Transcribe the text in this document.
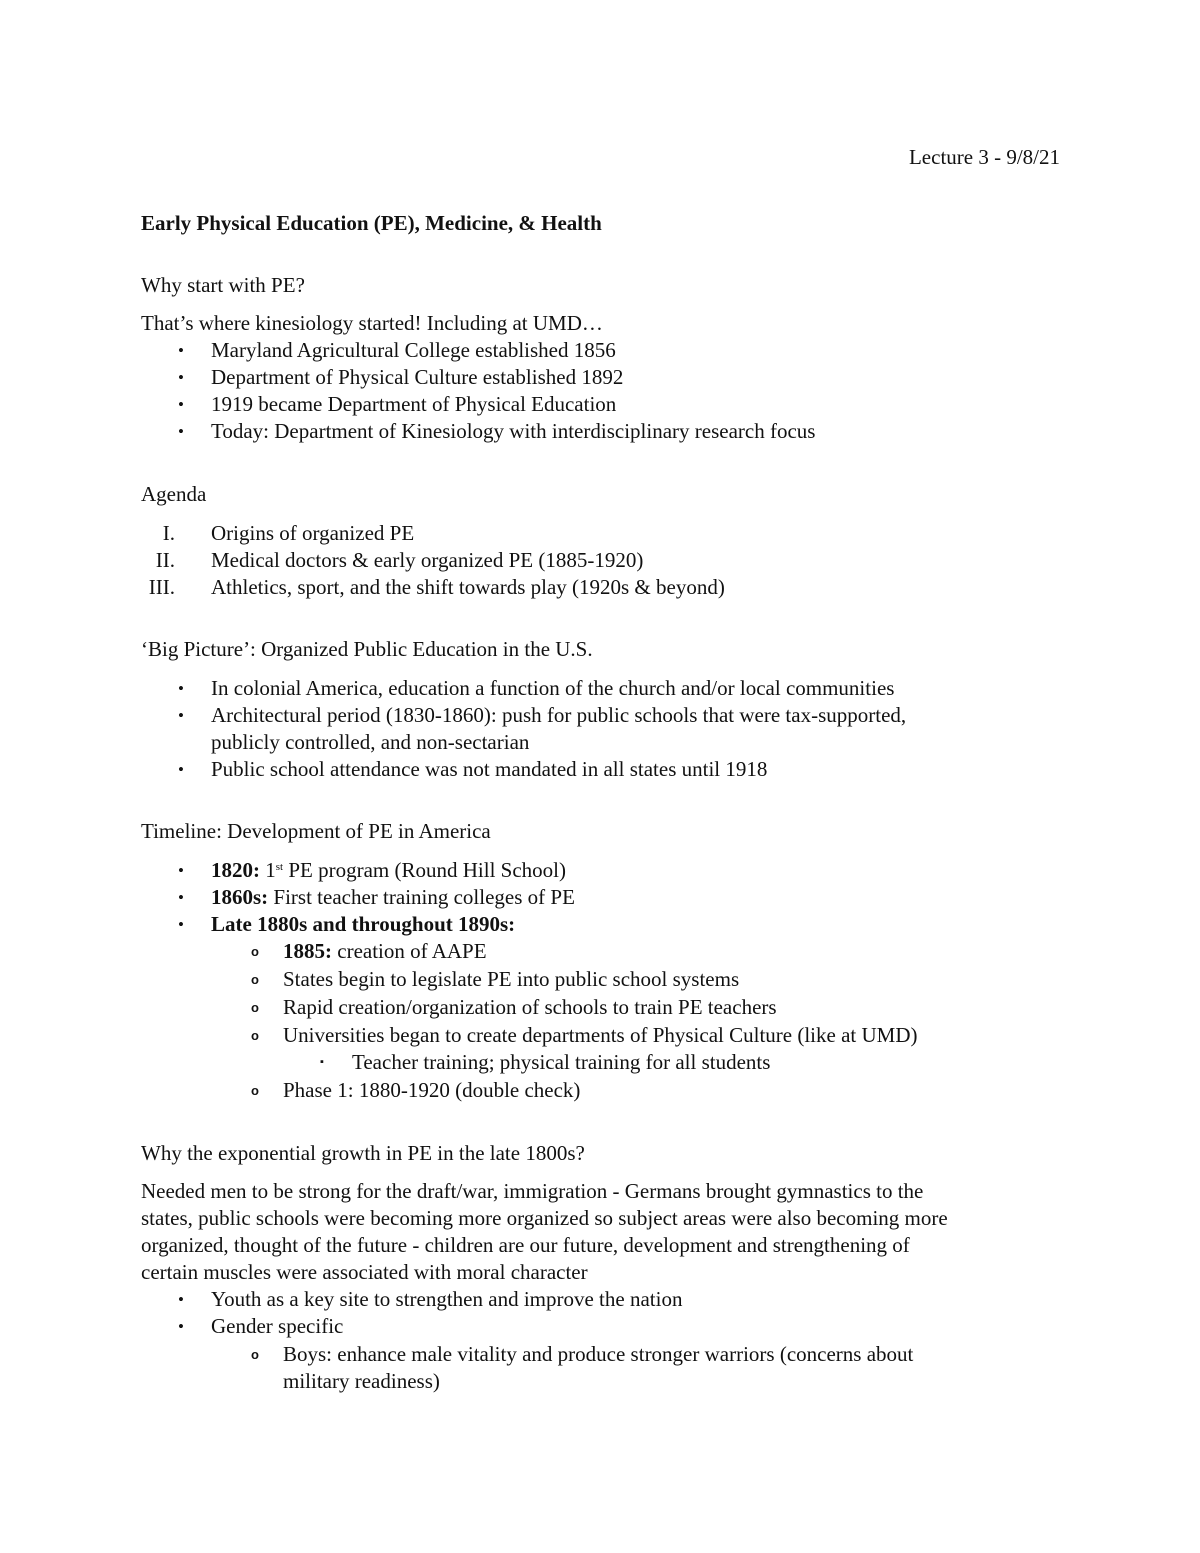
Lecture 3 - 9/8/21
Early Physical Education (PE), Medicine, & Health
Why start with PE?
That’s where kinesiology started! Including at UMD…
•	Maryland Agricultural College established 1856
•	Department of Physical Culture established 1892
•	1919 became Department of Physical Education
•	Today: Department of Kinesiology with interdisciplinary research focus
Agenda
I. Origins of organized PE
II. Medical doctors & early organized PE (1885-1920)
III. Athletics, sport, and the shift towards play (1920s & beyond)
‘Big Picture’: Organized Public Education in the U.S.
•	In colonial America, education a function of the church and/or local communities
•	Architectural period (1830-1860): push for public schools that were tax-supported,
publicly controlled, and non-sectarian
•	Public school attendance was not mandated in all states until 1918
Timeline: Development of PE in America
•	1820: 1st PE program (Round Hill School)
•	1860s: First teacher training colleges of PE
•	Late 1880s and throughout 1890s:
o	1885: creation of AAPE
o	States begin to legislate PE into public school systems
o	Rapid creation/organization of schools to train PE teachers
o	Universities began to create departments of Physical Culture (like at UMD)
▪	Teacher training; physical training for all students
o	Phase 1: 1880-1920 (double check)
Why the exponential growth in PE in the late 1800s?
Needed men to be strong for the draft/war, immigration - Germans brought gymnastics to the
states, public schools were becoming more organized so subject areas were also becoming more
organized, thought of the future - children are our future, development and strengthening of
certain muscles were associated with moral character
•	Youth as a key site to strengthen and improve the nation
•	Gender specific
o	Boys: enhance male vitality and produce stronger warriors (concerns about
military readiness)
